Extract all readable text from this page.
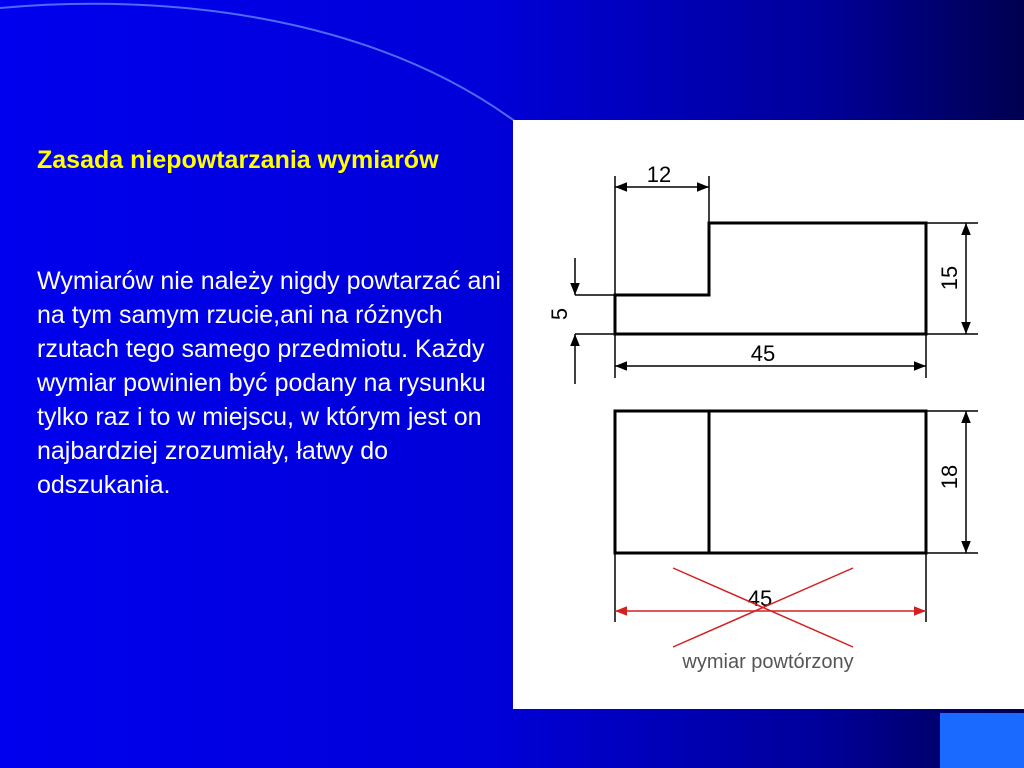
Zasada niepowtarzania wymiarów
Wymiarów nie należy nigdy powtarzać ani na tym samym rzucie,ani na różnych rzutach tego samego przedmiotu. Każdy wymiar powinien być podany na rysunku tylko raz i to w miejscu, w którym jest on najbardziej zrozumiały, łatwy do odszukania.
12
15
5
45
18
45
wymiar powtórzony
